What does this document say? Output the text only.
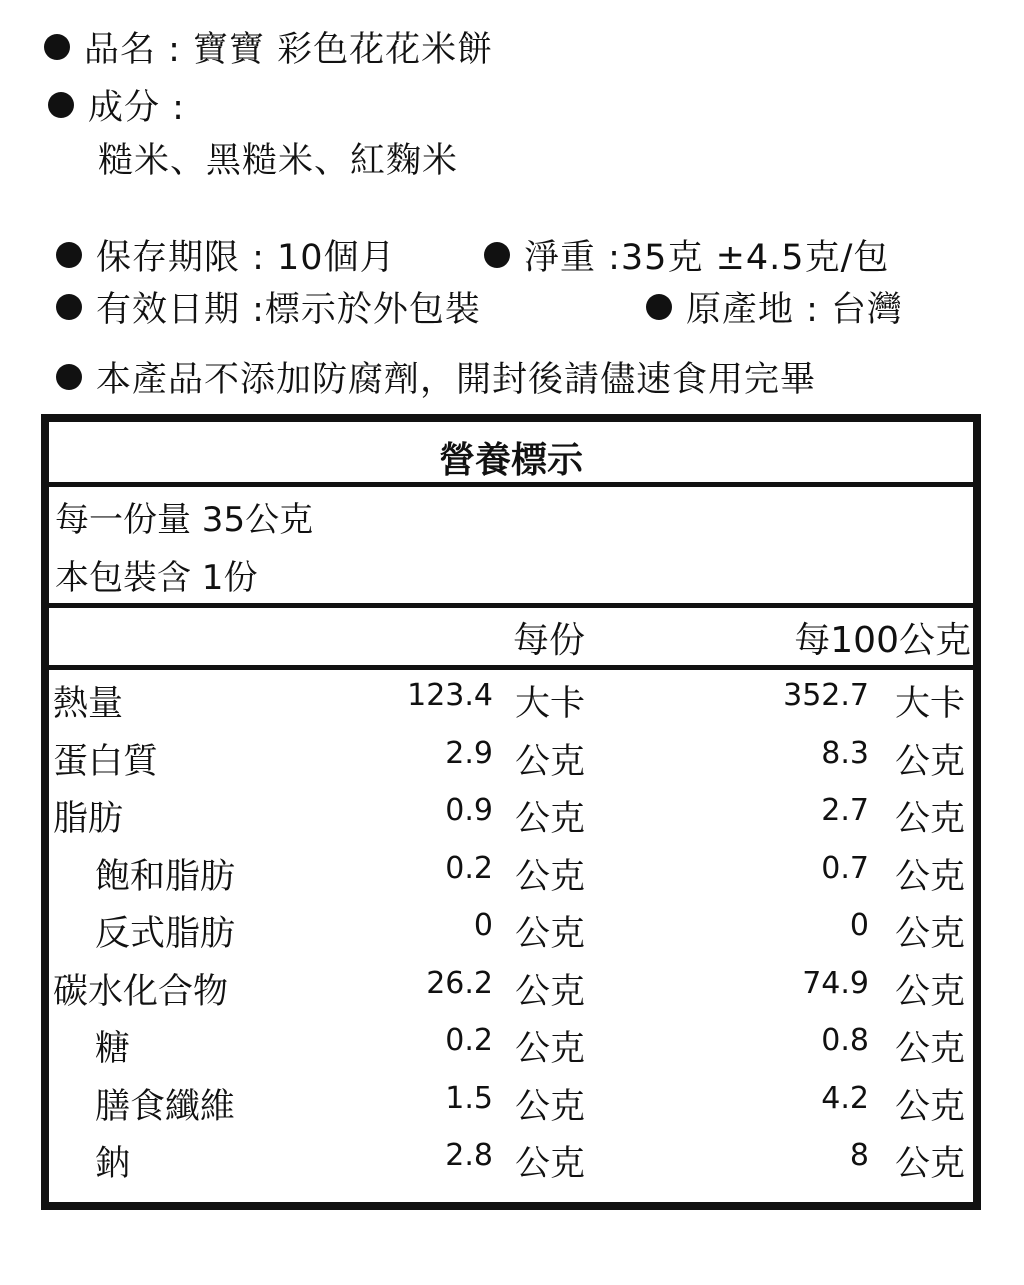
品名 : 寶寶 彩色花花米餅
成分 :
糙米、黑糙米、紅麴米
保存期限 : 10個月	淨重 :35克 ±4.5克/包
有效日期 :標示於外包裝	原產地 : 台灣
本產品不添加防腐劑，開封後請儘速食用完畢
營養標示
每一份量 35公克
本包裝含 1份
每份	每100公克
熱量	123.4 大卡	352.7 大卡
蛋白質	2.9 公克	8.3 公克
脂肪	0.9 公克	2.7 公克
飽和脂肪	0.2 公克	0.7 公克
反式脂肪	0 公克	0 公克
碳水化合物	26.2 公克	74.9 公克
糖	0.2 公克	0.8 公克
膳食纖維	1.5 公克	4.2 公克
鈉	2.8 公克	8 公克
